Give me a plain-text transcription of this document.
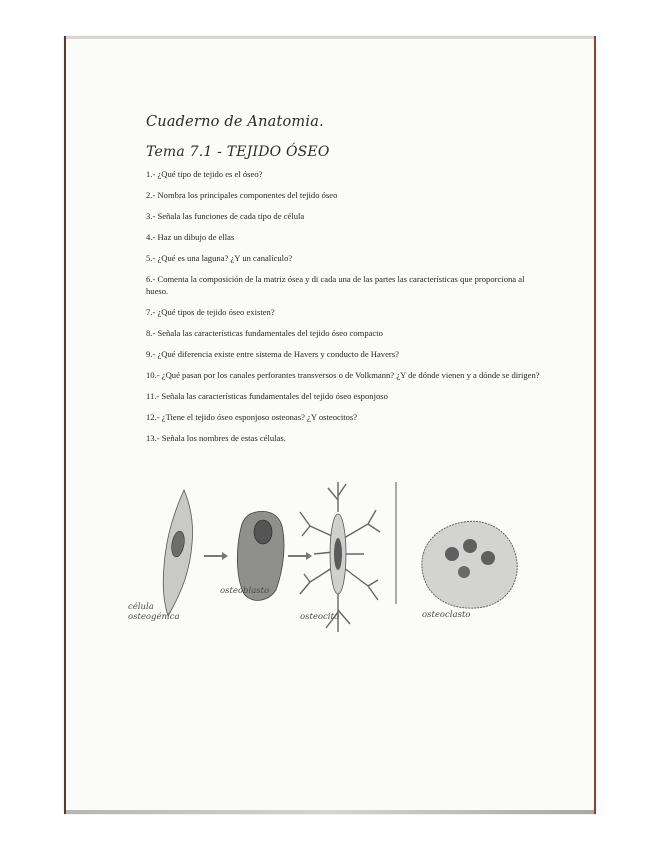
Cuaderno de Anatomia.
Tema 7.1 - TEJIDO ÓSEO
1.- ¿Qué tipo de tejido es el óseo?
2.- Nombra los principales componentes del tejido óseo
3.- Señala las funciones de cada tipo de célula
4.- Haz un dibujo de ellas
5.- ¿Qué es una laguna? ¿Y un canalículo?
6.- Comenta la composición de la matriz ósea y di cada una de las partes las características que proporciona al hueso.
7.- ¿Qué tipos de tejido óseo existen?
8.- Señala las características fundamentales del tejido óseo compacto
9.- ¿Qué diferencia existe entre sistema de Havers y conducto de Havers?
10.- ¿Qué pasan por los canales perforantes transversos o de Volkmann? ¿Y de dónde vienen y a dónde se dirigen?
11.- Señala las características fundamentales del tejido óseo esponjoso
12.- ¿Tiene el tejido óseo esponjoso osteonas? ¿Y osteocitos?
13.- Señala los nombres de estas células.
célula
osteogénica
osteoblasto
osteocito	osteoclasto
